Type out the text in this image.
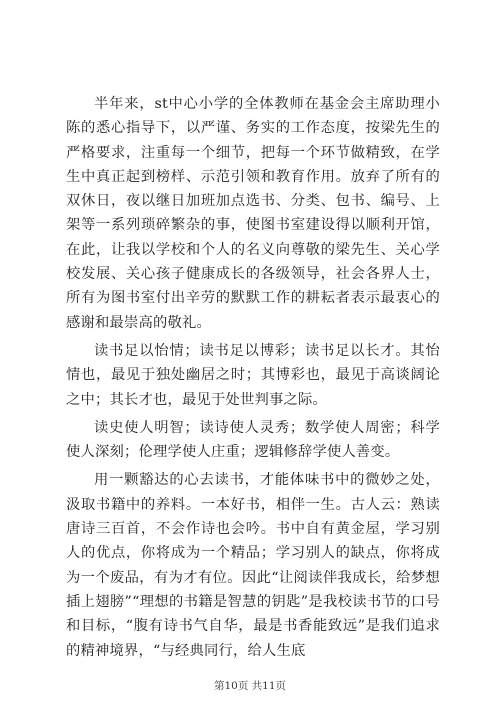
半年来，st中心小学的全体教师在基金会主席助理小陈的悉心指导下，以严谨、务实的工作态度，按梁先生的严格要求，注重每一个细节，把每一个环节做精致，在学生中真正起到榜样、示范引领和教育作用。放弃了所有的双休日，夜以继日加班加点选书、分类、包书、编号、上架等一系列琐碎繁杂的事，使图书室建设得以顺利开馆，在此，让我以学校和个人的名义向尊敬的梁先生、关心学校发展、关心孩子健康成长的各级领导，社会各界人士，所有为图书室付出辛劳的默默工作的耕耘者表示最衷心的感谢和最崇高的敬礼。

读书足以怡情；读书足以博彩；读书足以长才。其怡情也，最见于独处幽居之时；其博彩也，最见于高谈阔论之中；其长才也，最见于处世判事之际。

读史使人明智；读诗使人灵秀；数学使人周密；科学使人深刻；伦理学使人庄重；逻辑修辞学使人善变。

用一颗豁达的心去读书，才能体味书中的微妙之处，汲取书籍中的养料。一本好书，相伴一生。古人云：熟读唐诗三百首，不会作诗也会吟。书中自有黄金屋，学习别人的优点，你将成为一个精品；学习别人的缺点，你将成为一个废品，有为才有位。因此“让阅读伴我成长，给梦想插上翅膀”“理想的书籍是智慧的钥匙”是我校读书节的口号和目标，“腹有诗书气自华，最是书香能致远”是我们追求的精神境界，“与经典同行，给人生底

第10页 共11页
